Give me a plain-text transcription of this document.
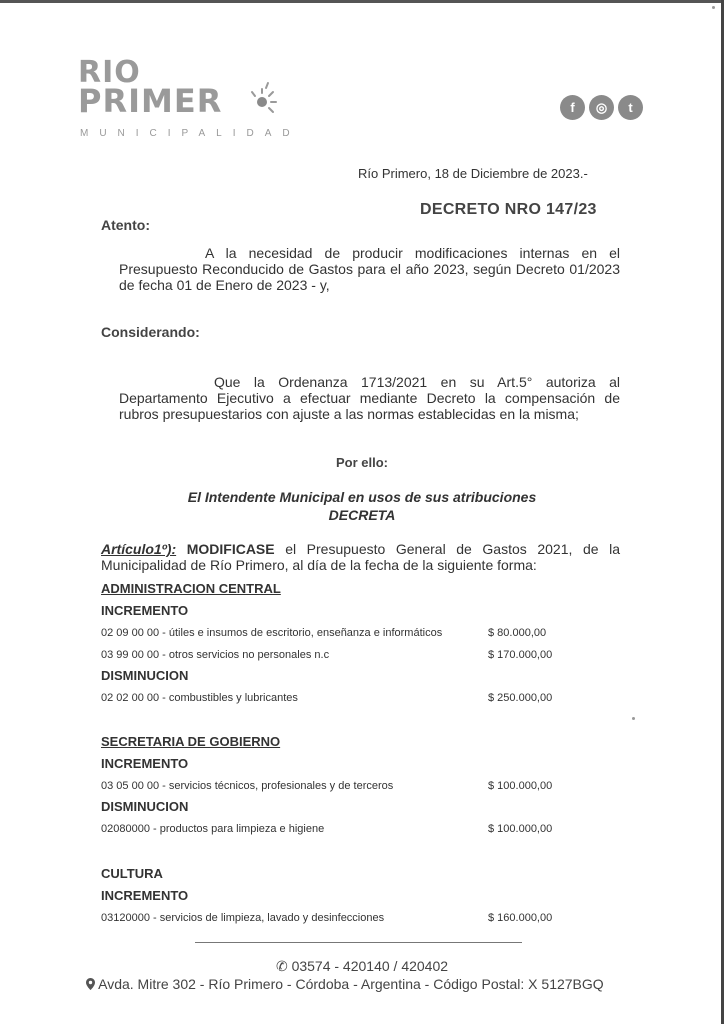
RIO
PRIMER
MUNICIPALIDAD
f	◎	t
Río Primero, 18 de Diciembre de 2023.-
DECRETO NRO 147/23
Atento:
A la necesidad de producir modificaciones internas en el Presupuesto Reconducido de Gastos para el año 2023, según Decreto 01/2023 de fecha 01 de Enero de 2023 - y,
Considerando:
Que la Ordenanza 1713/2021 en su Art.5° autoriza al Departamento Ejecutivo a efectuar mediante Decreto la compensación de rubros presupuestarios con ajuste a las normas establecidas en la misma;
Por ello:
El Intendente Municipal en usos de sus atribuciones
DECRETA
Artículo1º): MODIFICASE el Presupuesto General de Gastos 2021, de la Municipalidad de Río Primero, al día de la fecha de la siguiente forma:
ADMINISTRACION CENTRAL
INCREMENTO
02 09 00 00 - útiles e insumos de escritorio, enseñanza e informáticos	$ 80.000,00
03 99 00 00 - otros servicios no personales n.c	$ 170.000,00
DISMINUCION
02 02 00 00 - combustibles y lubricantes	$ 250.000,00
SECRETARIA DE GOBIERNO
INCREMENTO
03 05 00 00 - servicios técnicos, profesionales y de terceros	$ 100.000,00
DISMINUCION
02080000 - productos para limpieza e higiene	$ 100.000,00
CULTURA
INCREMENTO
03120000 - servicios de limpieza, lavado y desinfecciones	$ 160.000,00
✆ 03574 - 420140 / 420402
Avda. Mitre 302 - Río Primero - Córdoba - Argentina - Código Postal: X 5127BGQ
